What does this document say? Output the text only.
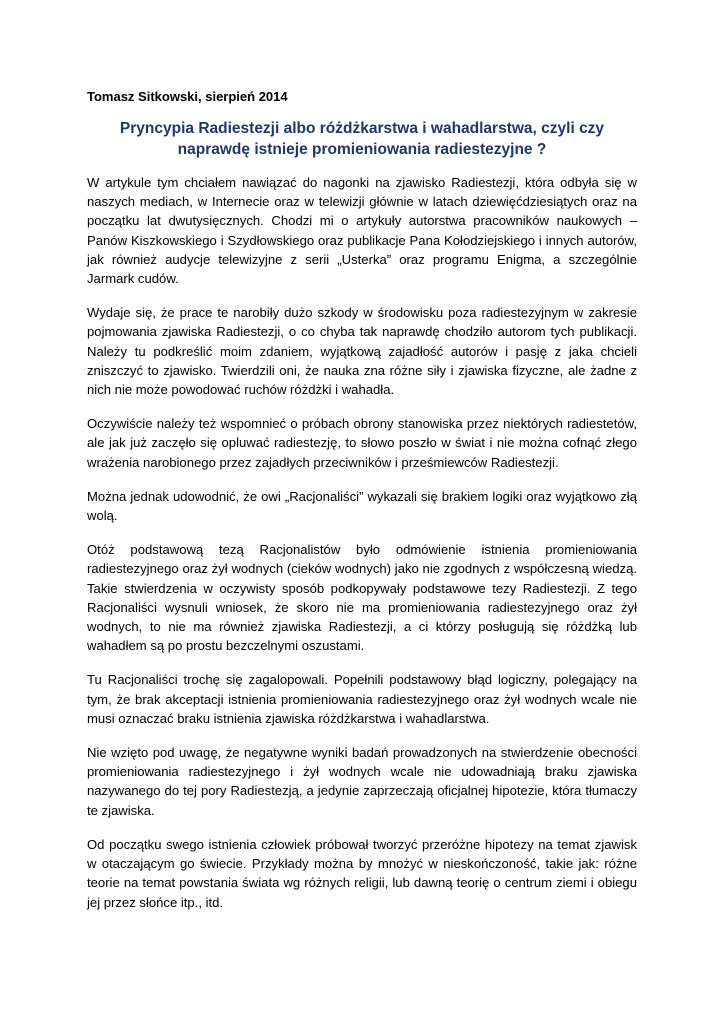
Tomasz Sitkowski, sierpień 2014
Pryncypia Radiestezji albo różdżkarstwa i wahadlarstwa, czyli czy naprawdę istnieje promieniowania radiestezyjne ?

W artykule tym chciałem nawiązać do nagonki na zjawisko Radiestezji, która odbyła się w naszych mediach, w Internecie oraz w telewizji głównie w latach dziewięćdziesiątych oraz na początku lat dwutysięcznych. Chodzi mi o artykuły autorstwa pracowników naukowych – Panów Kiszkowskiego i Szydłowskiego oraz publikacje Pana Kołodziejskiego i innych autorów, jak również audycje telewizyjne z serii „Usterka” oraz programu Enigma, a szczególnie Jarmark cudów.

Wydaje się, że prace te narobiły dużo szkody w środowisku poza radiestezyjnym w zakresie pojmowania zjawiska Radiestezji, o co chyba tak naprawdę chodziło autorom tych publikacji. Należy tu podkreślić moim zdaniem, wyjątkową zajadłość autorów i pasję z jaka chcieli zniszczyć to zjawisko. Twierdzili oni, że nauka zna różne siły i zjawiska fizyczne, ale żadne z nich nie może powodować ruchów różdżki i wahadła.

Oczywiście należy też wspomnieć o próbach obrony stanowiska przez niektórych radiestetów, ale jak już zaczęło się opluwać radiestezję, to słowo poszło w świat i nie można cofnąć złego wrażenia narobionego przez zajadłych przeciwników i prześmiewców Radiestezji.

Można jednak udowodnić, że owi „Racjonaliści” wykazali się brakiem logiki oraz wyjątkowo złą wolą.

Otóż podstawową tezą Racjonalistów było odmówienie istnienia promieniowania radiestezyjnego oraz żył wodnych (cieków wodnych) jako nie zgodnych z współczesną wiedzą. Takie stwierdzenia w oczywisty sposób podkopywały podstawowe tezy Radiestezji. Z tego Racjonaliści wysnuli wniosek, że skoro nie ma promieniowania radiestezyjnego oraz żył wodnych, to nie ma również zjawiska Radiestezji, a ci którzy posługują się różdżką lub wahadłem są po prostu bezczelnymi oszustami.

Tu Racjonaliści trochę się zagalopowali. Popełnili podstawowy błąd logiczny, polegający na tym, że brak akceptacji istnienia promieniowania radiestezyjnego oraz żył wodnych wcale nie musi oznaczać braku istnienia zjawiska różdżkarstwa i wahadlarstwa.

Nie wzięto pod uwagę, że negatywne wyniki badań prowadzonych na stwierdzenie obecności promieniowania radiestezyjnego i żył wodnych wcale nie udowadniają braku zjawiska nazywanego do tej pory Radiestezją, a jedynie zaprzeczają oficjalnej hipotezie, która tłumaczy te zjawiska.

Od początku swego istnienia człowiek próbował tworzyć przeróżne hipotezy na temat zjawisk w otaczającym go świecie. Przykłady można by mnożyć w nieskończoność, takie jak: różne teorie na temat powstania świata wg różnych religii, lub dawną teorię o centrum ziemi i obiegu jej przez słońce itp., itd.
